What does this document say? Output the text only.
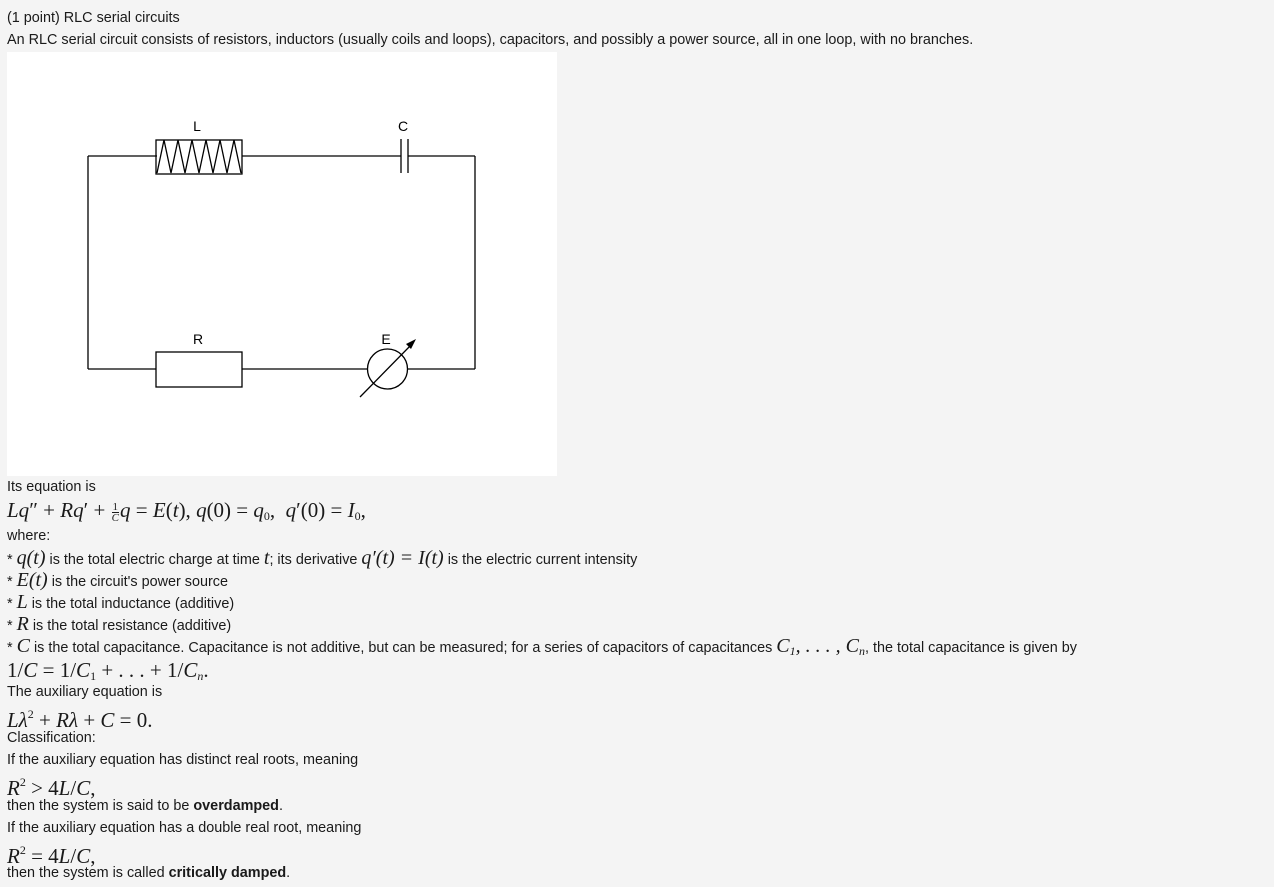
(1 point) RLC serial circuits
An RLC serial circuit consists of resistors, inductors (usually coils and loops), capacitors, and possibly a power source, all in one loop, with no branches.
L	C
R	E
Its equation is
$Lq'' + Rq' + \frac{1}{C}$ q = E(t), $q(0) = q_0$,  $q'(0) = I_0$,
where:
* q(t) is the total electric charge at time t; its derivative q′(t) = I(t) is the electric current intensity
* E(t) is the circuit's power source
* L is the total inductance (additive)
* R is the total resistance (additive)
* C is the total capacitance. Capacitance is not additive, but can be measured; for a series of capacitors of capacitances $C_1$, . . . , $C_n$, the total capacitance is given by
$1/C = 1/C_1$ + . . . + $1/C_n$.
The auxiliary equation is
$L\lambda^2 + R\lambda + C = 0$.
Classification:
If the auxiliary equation has distinct real roots, meaning
$R^2 > 4L/C$,
then the system is said to be overdamped.
If the auxiliary equation has a double real root, meaning
$R^2 = 4L/C$,
then the system is called critically damped.
